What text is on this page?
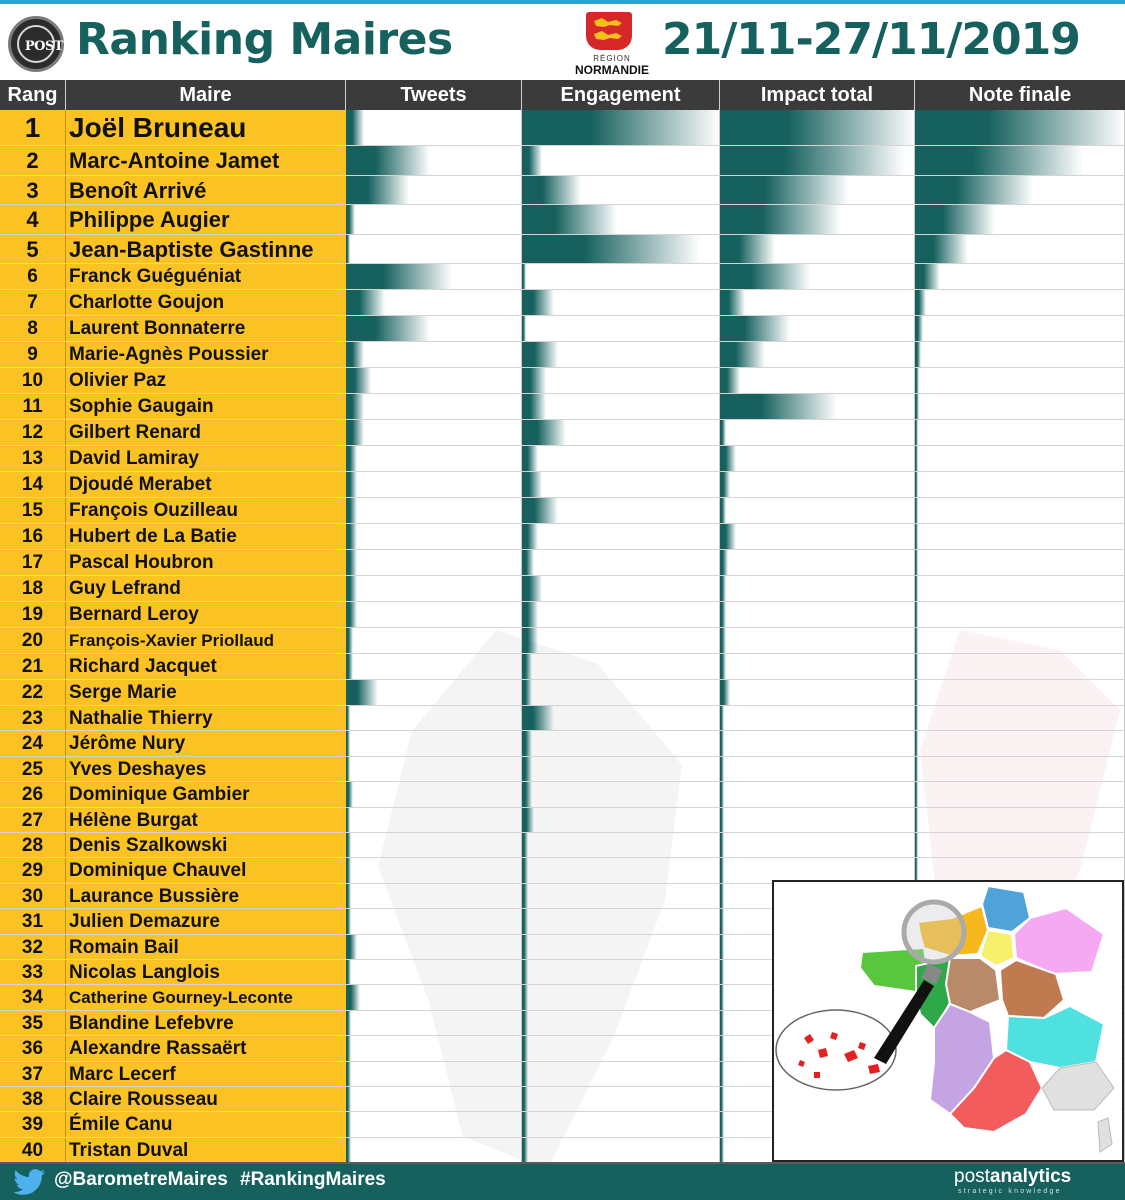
POST Ranking Maires	RÉGION
NORMANDIE
21/11-27/11/2019
Rang	Maire	Tweets	Engagement	Impact total	Note finale
1	Joël Bruneau
2	Marc-Antoine Jamet
3	Benoît Arrivé
4	Philippe Augier
5	Jean-Baptiste Gastinne
6	Franck Guéguéniat
7	Charlotte Goujon
8	Laurent Bonnaterre
9	Marie-Agnès Poussier
10	Olivier Paz
11	Sophie Gaugain
12	Gilbert Renard
13	David Lamiray
14	Djoudé Merabet
15	François Ouzilleau
16	Hubert de La Batie
17	Pascal Houbron
18	Guy Lefrand
19	Bernard Leroy
20	François-Xavier Priollaud
21	Richard Jacquet
22	Serge Marie
23	Nathalie Thierry
24	Jérôme Nury
25	Yves Deshayes
26	Dominique Gambier
27	Hélène Burgat
28	Denis Szalkowski
29	Dominique Chauvel
30	Laurance Bussière
31	Julien Demazure
32	Romain Bail
33	Nicolas Langlois
34	Catherine Gourney-Leconte
35	Blandine Lefebvre
36	Alexandre Rassaërt
37	Marc Lecerf
38	Claire Rousseau
39	Émile Canu
40	Tristan Duval
@BarometreMaires #RankingMaires	postanalytics
strategic knowledge
